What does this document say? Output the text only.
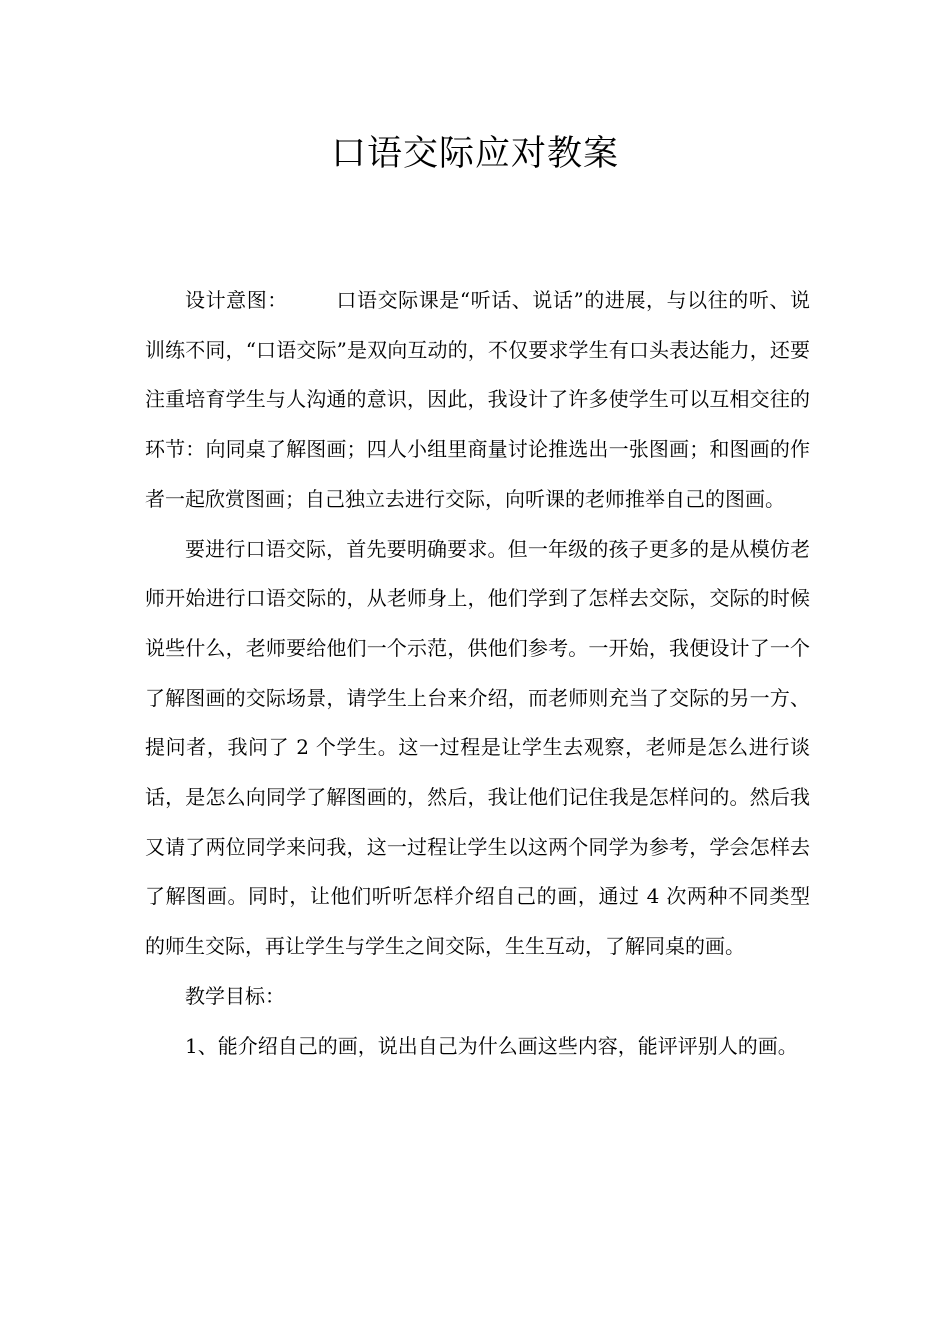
口语交际应对教案

设计意图： 口语交际课是“听话、说话”的进展，与以往的听、说训练不同，“口语交际”是双向互动的，不仅要求学生有口头表达能力，还要注重培育学生与人沟通的意识，因此，我设计了许多使学生可以互相交往的环节：向同桌了解图画；四人小组里商量讨论推选出一张图画；和图画的作者一起欣赏图画；自己独立去进行交际，向听课的老师推举自己的图画。

要进行口语交际，首先要明确要求。但一年级的孩子更多的是从模仿老师开始进行口语交际的，从老师身上，他们学到了怎样去交际，交际的时候说些什么，老师要给他们一个示范，供他们参考。一开始，我便设计了一个了解图画的交际场景，请学生上台来介绍，而老师则充当了交际的另一方、提问者，我问了 2 个学生。这一过程是让学生去观察，老师是怎么进行谈话，是怎么向同学了解图画的，然后，我让他们记住我是怎样问的。然后我又请了两位同学来问我，这一过程让学生以这两个同学为参考，学会怎样去了解图画。同时，让他们听听怎样介绍自己的画，通过 4 次两种不同类型的师生交际，再让学生与学生之间交际，生生互动，了解同桌的画。

教学目标：

1、能介绍自己的画，说出自己为什么画这些内容，能评评别人的画。
